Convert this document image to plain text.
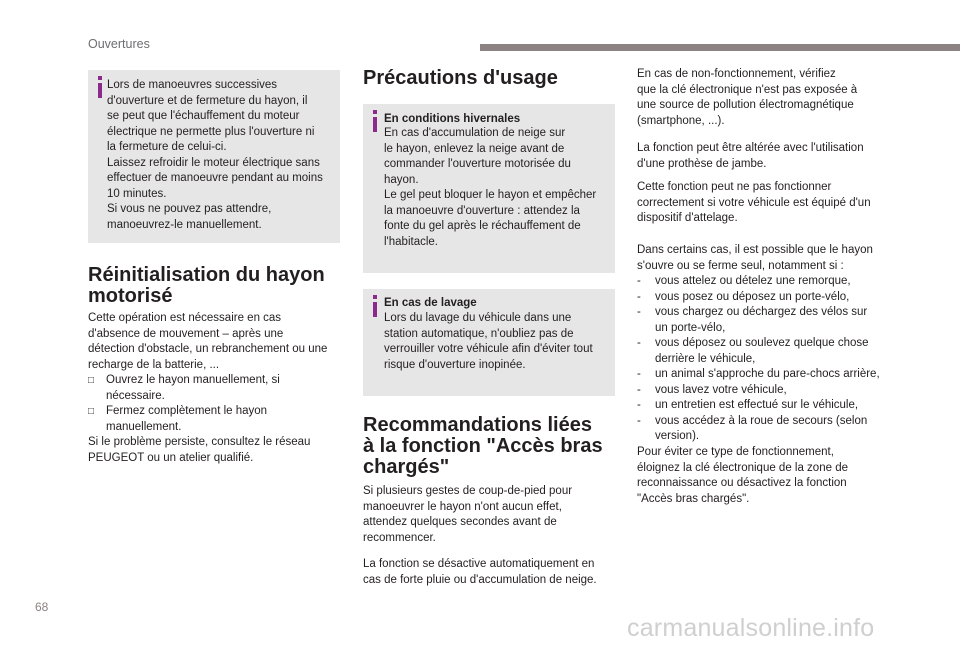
Ouvertures

Lors de manoeuvres successives
d'ouverture et de fermeture du hayon, il
se peut que l'échauffement du moteur
électrique ne permette plus l'ouverture ni
la fermeture de celui-ci.
Laissez refroidir le moteur électrique sans
effectuer de manoeuvre pendant au moins
10 minutes.
Si vous ne pouvez pas attendre,
manoeuvrez-le manuellement.

Réinitialisation du hayon
motorisé

Cette opération est nécessaire en cas
d'absence de mouvement – après une
détection d'obstacle, un rebranchement ou une
recharge de la batterie, ...

□	Ouvrez le hayon manuellement, si
nécessaire.
□	Fermez complètement le hayon
manuellement.

Si le problème persiste, consultez le réseau
PEUGEOT ou un atelier qualifié.

Précautions d'usage

En conditions hivernales

En cas d'accumulation de neige sur
le hayon, enlevez la neige avant de
commander l'ouverture motorisée du
hayon.
Le gel peut bloquer le hayon et empêcher
la manoeuvre d'ouverture : attendez la
fonte du gel après le réchauffement de
l'habitacle.

En cas de lavage

Lors du lavage du véhicule dans une
station automatique, n'oubliez pas de
verrouiller votre véhicule afin d'éviter tout
risque d'ouverture inopinée.

Recommandations liées
à la fonction "Accès bras
chargés"

Si plusieurs gestes de coup-de-pied pour
manoeuvrer le hayon n'ont aucun effet,
attendez quelques secondes avant de
recommencer.

La fonction se désactive automatiquement en
cas de forte pluie ou d'accumulation de neige.

En cas de non-fonctionnement, vérifiez
que la clé électronique n'est pas exposée à
une source de pollution électromagnétique
(smartphone, ...).

La fonction peut être altérée avec l'utilisation
d'une prothèse de jambe.

Cette fonction peut ne pas fonctionner
correctement si votre véhicule est équipé d'un
dispositif d'attelage.

Dans certains cas, il est possible que le hayon
s'ouvre ou se ferme seul, notamment si :

-	vous attelez ou dételez une remorque,
-	vous posez ou déposez un porte-vélo,
-	vous chargez ou déchargez des vélos sur
un porte-vélo,
-	vous déposez ou soulevez quelque chose
derrière le véhicule,
-	un animal s'approche du pare-chocs arrière,
-	vous lavez votre véhicule,
-	un entretien est effectué sur le véhicule,
-	vous accédez à la roue de secours (selon
version).

Pour éviter ce type de fonctionnement,
éloignez la clé électronique de la zone de
reconnaissance ou désactivez la fonction
"Accès bras chargés".

68
carmanualsonline.info
